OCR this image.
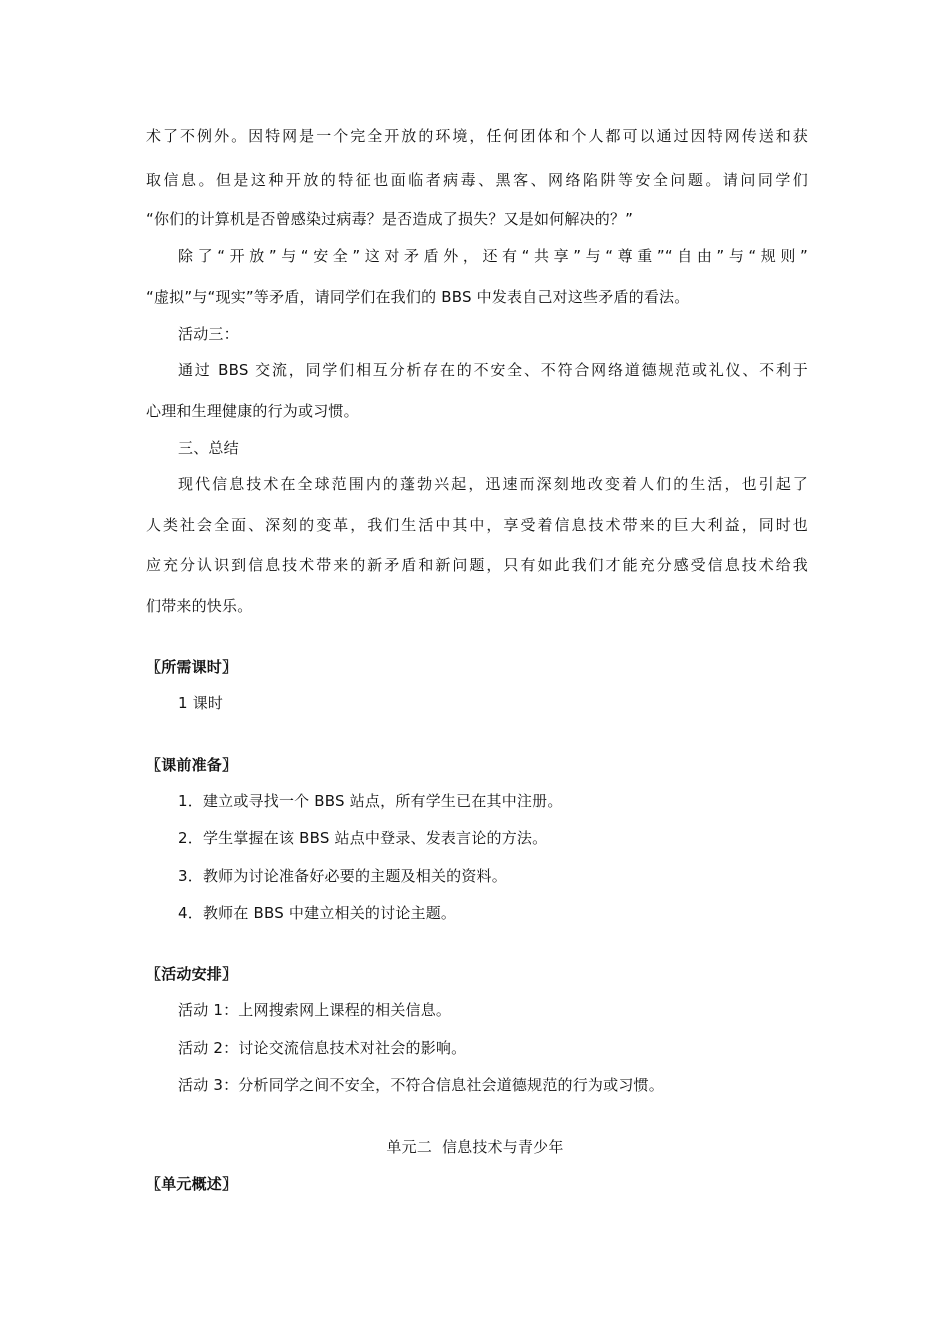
术了不例外。因特网是一个完全开放的环境，任何团体和个人都可以通过因特网传送和获
取信息。但是这种开放的特征也面临者病毒、黑客、网络陷阱等安全问题。请问同学们
“你们的计算机是否曾感染过病毒？是否造成了损失？又是如何解决的？”
除了“开放”与“安全”这对矛盾外，还有“共享”与“尊重”“自由”与“规则”
“虚拟”与“现实”等矛盾，请同学们在我们的 BBS 中发表自己对这些矛盾的看法。
活动三：
通过 BBS 交流，同学们相互分析存在的不安全、不符合网络道德规范或礼仪、不利于
心理和生理健康的行为或习惯。
三、总结
现代信息技术在全球范围内的蓬勃兴起，迅速而深刻地改变着人们的生活，也引起了
人类社会全面、深刻的变革，我们生活中其中，享受着信息技术带来的巨大利益，同时也
应充分认识到信息技术带来的新矛盾和新问题，只有如此我们才能充分感受信息技术给我
们带来的快乐。
〖所需课时〗
1 课时
〖课前准备〗
1．建立或寻找一个 BBS 站点，所有学生已在其中注册。
2．学生掌握在该 BBS 站点中登录、发表言论的方法。
3．教师为讨论准备好必要的主题及相关的资料。
4．教师在 BBS 中建立相关的讨论主题。
〖活动安排〗
活动 1：上网搜索网上课程的相关信息。
活动 2：讨论交流信息技术对社会的影响。
活动 3：分析同学之间不安全，不符合信息社会道德规范的行为或习惯。
单元二  信息技术与青少年
〖单元概述〗
